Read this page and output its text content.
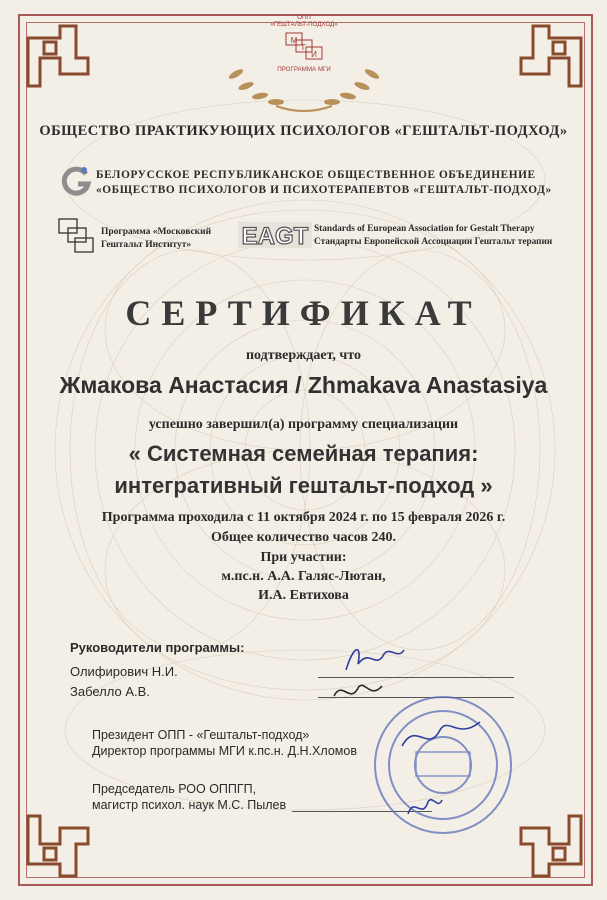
ОПП
«ГЕШТАЛЬТ-ПОДХОД»
М
Г
И
ПРОГРАММА МГИ
ОБЩЕСТВО ПРАКТИКУЮЩИХ ПСИХОЛОГОВ «ГЕШТАЛЬТ-ПОДХОД»
БЕЛОРУССКОЕ РЕСПУБЛИКАНСКОЕ ОБЩЕСТВЕННОЕ ОБЪЕДИНЕНИЕ
«ОБЩЕСТВО ПСИХОЛОГОВ И ПСИХОТЕРАПЕВТОВ «ГЕШТАЛЬТ-ПОДХОД»
Программа «Московский
Гештальт Институт»	EAGT Standards of European Association for Gestalt Therapy
Стандарты Европейской Ассоциации Гештальт терапии
СЕРТИФИКАТ
подтверждает, что
Жмакова Анастасия / Zhmakava Anastasiya
успешно завершил(а) программу специализации
« Системная семейная терапия:
интегративный гештальт-подход »
Программа проходила с 11 октября 2024 г. по 15 февраля 2026 г.
Общее количество часов 240.
При участии:
м.пс.н. А.А. Галяс-Лютан,
И.А. Евтихова
Руководители программы:
Олифирович Н.И.
Забелло А.В.
Президент ОПП - «Гештальт-подход»
Директор программы МГИ к.пс.н. Д.Н.Хломов
Председатель РОО ОППГП,
магистр психол. наук М.С. Пылев
